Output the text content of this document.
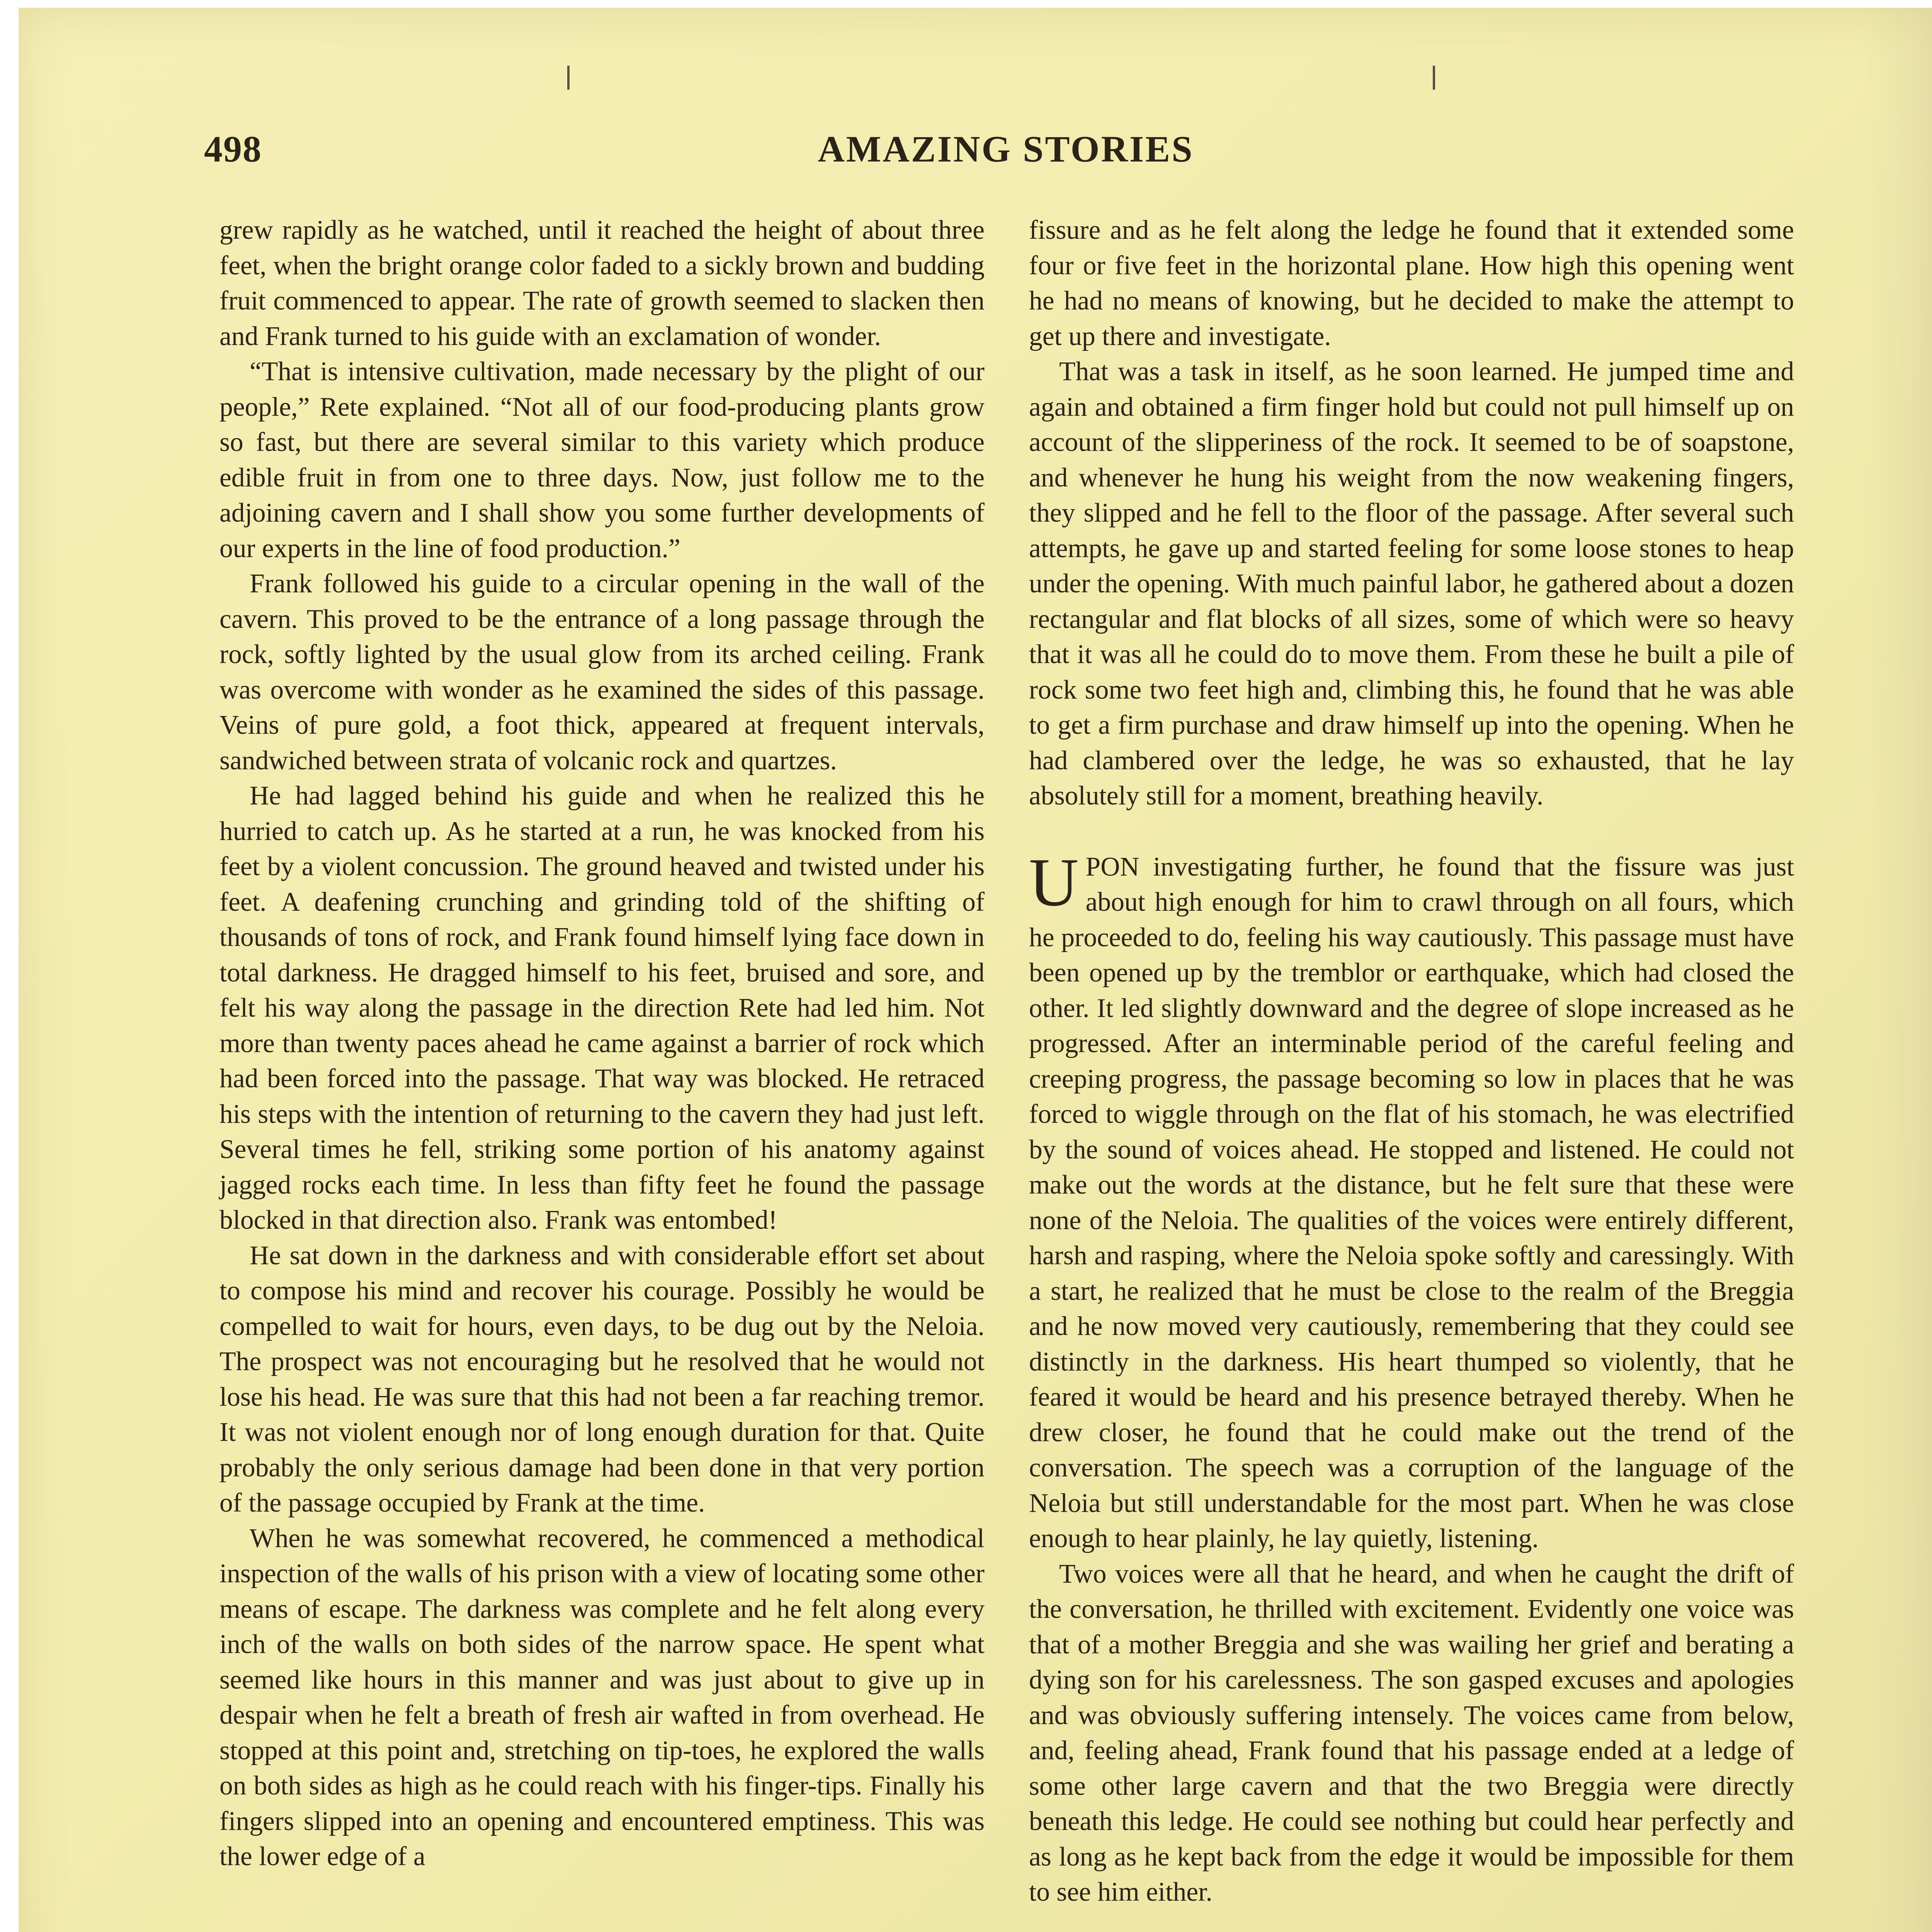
498	AMAZING STORIES

grew rapidly as he watched, until it reached the height of about three feet, when the bright orange color faded to a sickly brown and budding fruit commenced to appear. The rate of growth seemed to slacken then and Frank turned to his guide with an exclamation of wonder.

“That is intensive cultivation, made necessary by the plight of our people,” Rete explained. “Not all of our food-producing plants grow so fast, but there are several similar to this variety which produce edible fruit in from one to three days. Now, just follow me to the adjoining cavern and I shall show you some further developments of our experts in the line of food production.”

Frank followed his guide to a circular opening in the wall of the cavern. This proved to be the entrance of a long passage through the rock, softly lighted by the usual glow from its arched ceiling. Frank was overcome with wonder as he examined the sides of this passage. Veins of pure gold, a foot thick, appeared at frequent intervals, sandwiched between strata of volcanic rock and quartzes.

He had lagged behind his guide and when he realized this he hurried to catch up. As he started at a run, he was knocked from his feet by a violent concussion. The ground heaved and twisted under his feet. A deafening crunching and grinding told of the shifting of thousands of tons of rock, and Frank found himself lying face down in total darkness. He dragged himself to his feet, bruised and sore, and felt his way along the passage in the direction Rete had led him. Not more than twenty paces ahead he came against a barrier of rock which had been forced into the passage. That way was blocked. He retraced his steps with the intention of returning to the cavern they had just left. Several times he fell, striking some portion of his anatomy against jagged rocks each time. In less than fifty feet he found the passage blocked in that direction also. Frank was entombed!

He sat down in the darkness and with considerable effort set about to compose his mind and recover his courage. Possibly he would be compelled to wait for hours, even days, to be dug out by the Neloia. The prospect was not encouraging but he resolved that he would not lose his head. He was sure that this had not been a far reaching tremor. It was not violent enough nor of long enough duration for that. Quite probably the only serious damage had been done in that very portion of the passage occupied by Frank at the time.

When he was somewhat recovered, he commenced a methodical inspection of the walls of his prison with a view of locating some other means of escape. The darkness was complete and he felt along every inch of the walls on both sides of the narrow space. He spent what seemed like hours in this manner and was just about to give up in despair when he felt a breath of fresh air wafted in from overhead. He stopped at this point and, stretching on tip-toes, he explored the walls on both sides as high as he could reach with his finger-tips. Finally his fingers slipped into an opening and encountered emptiness. This was the lower edge of a

fissure and as he felt along the ledge he found that it extended some four or five feet in the horizontal plane. How high this opening went he had no means of knowing, but he decided to make the attempt to get up there and investigate.

That was a task in itself, as he soon learned. He jumped time and again and obtained a firm finger hold but could not pull himself up on account of the slipperiness of the rock. It seemed to be of soapstone, and whenever he hung his weight from the now weakening fingers, they slipped and he fell to the floor of the passage. After several such attempts, he gave up and started feeling for some loose stones to heap under the opening. With much painful labor, he gathered about a dozen rectangular and flat blocks of all sizes, some of which were so heavy that it was all he could do to move them. From these he built a pile of rock some two feet high and, climbing this, he found that he was able to get a firm purchase and draw himself up into the opening. When he had clambered over the ledge, he was so exhausted, that he lay absolutely still for a moment, breathing heavily.

UPON investigating further, he found that the fissure was just about high enough for him to crawl through on all fours, which he proceeded to do, feeling his way cautiously. This passage must have been opened up by the tremblor or earthquake, which had closed the other. It led slightly downward and the degree of slope increased as he progressed. After an interminable period of the careful feeling and creeping progress, the passage becoming so low in places that he was forced to wiggle through on the flat of his stomach, he was electrified by the sound of voices ahead. He stopped and listened. He could not make out the words at the distance, but he felt sure that these were none of the Neloia. The qualities of the voices were entirely different, harsh and rasping, where the Neloia spoke softly and caressingly. With a start, he realized that he must be close to the realm of the Breggia and he now moved very cautiously, remembering that they could see distinctly in the darkness. His heart thumped so violently, that he feared it would be heard and his presence betrayed thereby. When he drew closer, he found that he could make out the trend of the conversation. The speech was a corruption of the language of the Neloia but still understandable for the most part. When he was close enough to hear plainly, he lay quietly, listening.

Two voices were all that he heard, and when he caught the drift of the conversation, he thrilled with excitement. Evidently one voice was that of a mother Breggia and she was wailing her grief and berating a dying son for his carelessness. The son gasped excuses and apologies and was obviously suffering intensely. The voices came from below, and, feeling ahead, Frank found that his passage ended at a ledge of some other large cavern and that the two Breggia were directly beneath this ledge. He could see nothing but could hear perfectly and as long as he kept back from the edge it would be impossible for them to see him either.
